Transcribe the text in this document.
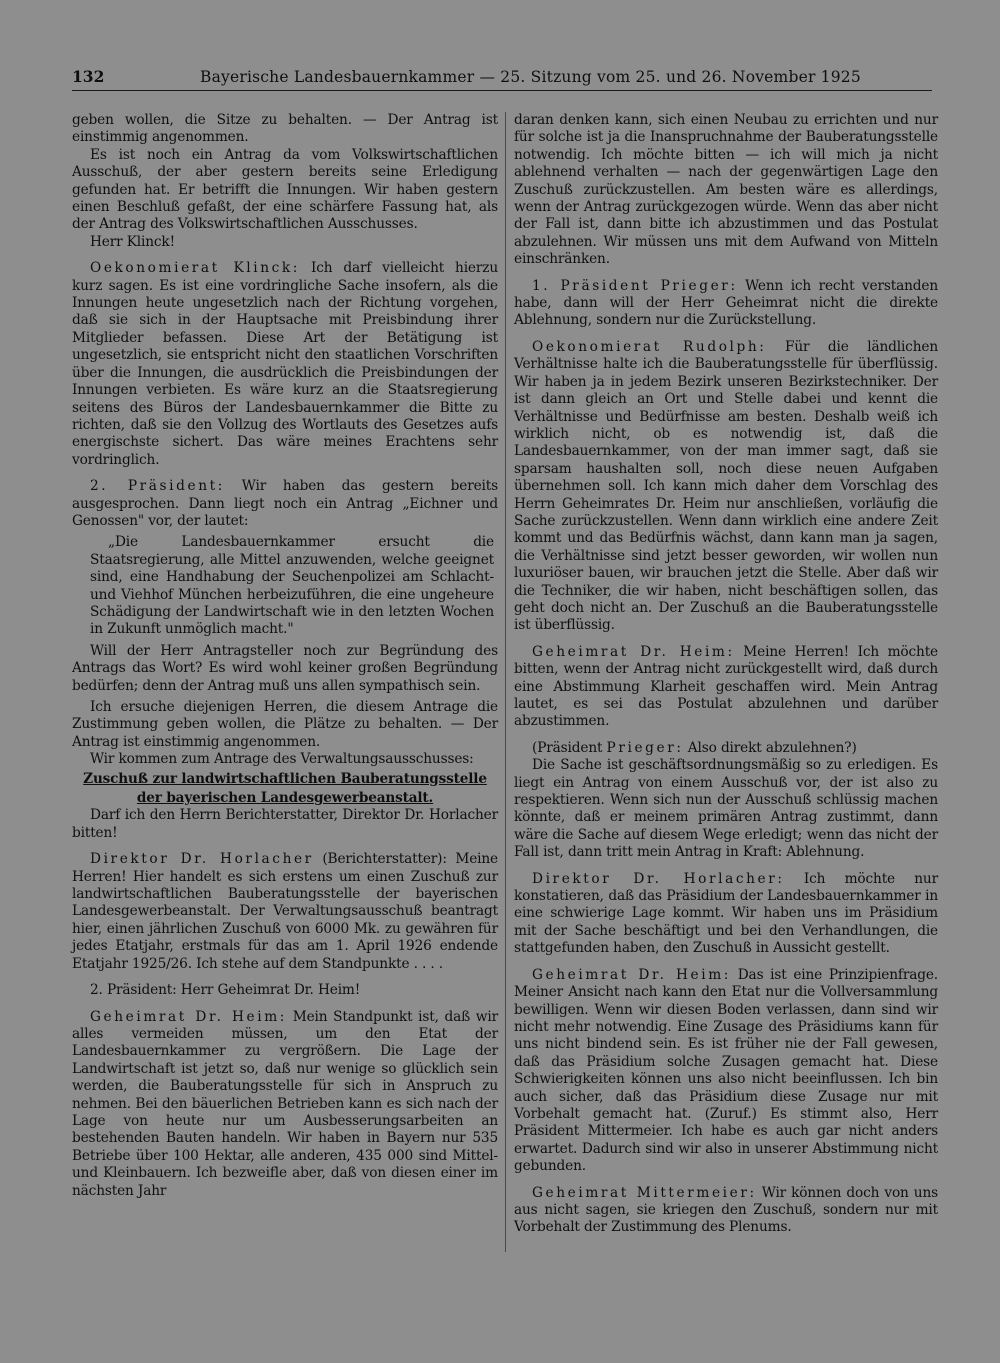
132	Bayerische Landesbauernkammer — 25. Sitzung vom 25. und 26. November 1925

geben wollen, die Sitze zu behalten. — Der Antrag ist einstimmig angenommen.

Es ist noch ein Antrag da vom Volkswirtschaftlichen Ausschuß, der aber gestern bereits seine Erledigung gefunden hat. Er betrifft die Innungen. Wir haben gestern einen Beschluß gefaßt, der eine schärfere Fassung hat, als der Antrag des Volkswirtschaftlichen Ausschusses.

Herr Klinck!

Oekonomierat Klinck: Ich darf vielleicht hierzu kurz sagen. Es ist eine vordringliche Sache insofern, als die Innungen heute ungesetzlich nach der Richtung vorgehen, daß sie sich in der Hauptsache mit Preisbindung ihrer Mitglieder befassen. Diese Art der Betätigung ist ungesetzlich, sie entspricht nicht den staatlichen Vorschriften über die Innungen, die ausdrücklich die Preisbindungen der Innungen verbieten. Es wäre kurz an die Staatsregierung seitens des Büros der Landesbauernkammer die Bitte zu richten, daß sie den Vollzug des Wortlauts des Gesetzes aufs energischste sichert. Das wäre meines Erachtens sehr vordringlich.

2. Präsident: Wir haben das gestern bereits ausgesprochen. Dann liegt noch ein Antrag „Eichner und Genossen" vor, der lautet:

„Die Landesbauernkammer ersucht die Staatsregierung, alle Mittel anzuwenden, welche geeignet sind, eine Handhabung der Seuchenpolizei am Schlacht- und Viehhof München herbeizuführen, die eine ungeheure Schädigung der Landwirtschaft wie in den letzten Wochen in Zukunft unmöglich macht."

Will der Herr Antragsteller noch zur Begründung des Antrags das Wort? Es wird wohl keiner großen Begründung bedürfen; denn der Antrag muß uns allen sympathisch sein.

Ich ersuche diejenigen Herren, die diesem Antrage die Zustimmung geben wollen, die Plätze zu behalten. — Der Antrag ist einstimmig angenommen.

Wir kommen zum Antrage des Verwaltungsausschusses:

Zuschuß zur landwirtschaftlichen Bauberatungsstelle

der bayerischen Landesgewerbeanstalt.

Darf ich den Herrn Berichterstatter, Direktor Dr. Horlacher bitten!

Direktor Dr. Horlacher (Berichterstatter): Meine Herren! Hier handelt es sich erstens um einen Zuschuß zur landwirtschaftlichen Bauberatungsstelle der bayerischen Landesgewerbeanstalt. Der Verwaltungsausschuß beantragt hier, einen jährlichen Zuschuß von 6000 Mk. zu gewähren für jedes Etatjahr, erstmals für das am 1. April 1926 endende Etatjahr 1925/26. Ich stehe auf dem Standpunkte . . . .

2. Präsident: Herr Geheimrat Dr. Heim!

Geheimrat Dr. Heim: Mein Standpunkt ist, daß wir alles vermeiden müssen, um den Etat der Landesbauernkammer zu vergrößern. Die Lage der Landwirtschaft ist jetzt so, daß nur wenige so glücklich sein werden, die Bauberatungsstelle für sich in Anspruch zu nehmen. Bei den bäuerlichen Betrieben kann es sich nach der Lage von heute nur um Ausbesserungsarbeiten an bestehenden Bauten handeln. Wir haben in Bayern nur 535 Betriebe über 100 Hektar, alle anderen, 435 000 sind Mittel- und Kleinbauern. Ich bezweifle aber, daß von diesen einer im nächsten Jahr

daran denken kann, sich einen Neubau zu errichten und nur für solche ist ja die Inanspruchnahme der Bauberatungsstelle notwendig. Ich möchte bitten — ich will mich ja nicht ablehnend verhalten — nach der gegenwärtigen Lage den Zuschuß zurückzustellen. Am besten wäre es allerdings, wenn der Antrag zurückgezogen würde. Wenn das aber nicht der Fall ist, dann bitte ich abzustimmen und das Postulat abzulehnen. Wir müssen uns mit dem Aufwand von Mitteln einschränken.

1. Präsident Prieger: Wenn ich recht verstanden habe, dann will der Herr Geheimrat nicht die direkte Ablehnung, sondern nur die Zurückstellung.

Oekonomierat Rudolph: Für die ländlichen Verhältnisse halte ich die Bauberatungsstelle für überflüssig. Wir haben ja in jedem Bezirk unseren Bezirkstechniker. Der ist dann gleich an Ort und Stelle dabei und kennt die Verhältnisse und Bedürfnisse am besten. Deshalb weiß ich wirklich nicht, ob es notwendig ist, daß die Landesbauernkammer, von der man immer sagt, daß sie sparsam haushalten soll, noch diese neuen Aufgaben übernehmen soll. Ich kann mich daher dem Vorschlag des Herrn Geheimrates Dr. Heim nur anschließen, vorläufig die Sache zurückzustellen. Wenn dann wirklich eine andere Zeit kommt und das Bedürfnis wächst, dann kann man ja sagen, die Verhältnisse sind jetzt besser geworden, wir wollen nun luxuriöser bauen, wir brauchen jetzt die Stelle. Aber daß wir die Techniker, die wir haben, nicht beschäftigen sollen, das geht doch nicht an. Der Zuschuß an die Bauberatungsstelle ist überflüssig.

Geheimrat Dr. Heim: Meine Herren! Ich möchte bitten, wenn der Antrag nicht zurückgestellt wird, daß durch eine Abstimmung Klarheit geschaffen wird. Mein Antrag lautet, es sei das Postulat abzulehnen und darüber abzustimmen.

(Präsident Prieger: Also direkt abzulehnen?)

Die Sache ist geschäftsordnungsmäßig so zu erledigen. Es liegt ein Antrag von einem Ausschuß vor, der ist also zu respektieren. Wenn sich nun der Ausschuß schlüssig machen könnte, daß er meinem primären Antrag zustimmt, dann wäre die Sache auf diesem Wege erledigt; wenn das nicht der Fall ist, dann tritt mein Antrag in Kraft: Ablehnung.

Direktor Dr. Horlacher: Ich möchte nur konstatieren, daß das Präsidium der Landesbauernkammer in eine schwierige Lage kommt. Wir haben uns im Präsidium mit der Sache beschäftigt und bei den Verhandlungen, die stattgefunden haben, den Zuschuß in Aussicht gestellt.

Geheimrat Dr. Heim: Das ist eine Prinzipienfrage. Meiner Ansicht nach kann den Etat nur die Vollversammlung bewilligen. Wenn wir diesen Boden verlassen, dann sind wir nicht mehr notwendig. Eine Zusage des Präsidiums kann für uns nicht bindend sein. Es ist früher nie der Fall gewesen, daß das Präsidium solche Zusagen gemacht hat. Diese Schwierigkeiten können uns also nicht beeinflussen. Ich bin auch sicher, daß das Präsidium diese Zusage nur mit Vorbehalt gemacht hat. (Zuruf.) Es stimmt also, Herr Präsident Mittermeier. Ich habe es auch gar nicht anders erwartet. Dadurch sind wir also in unserer Abstimmung nicht gebunden.

Geheimrat Mittermeier: Wir können doch von uns aus nicht sagen, sie kriegen den Zuschuß, sondern nur mit Vorbehalt der Zustimmung des Plenums.
